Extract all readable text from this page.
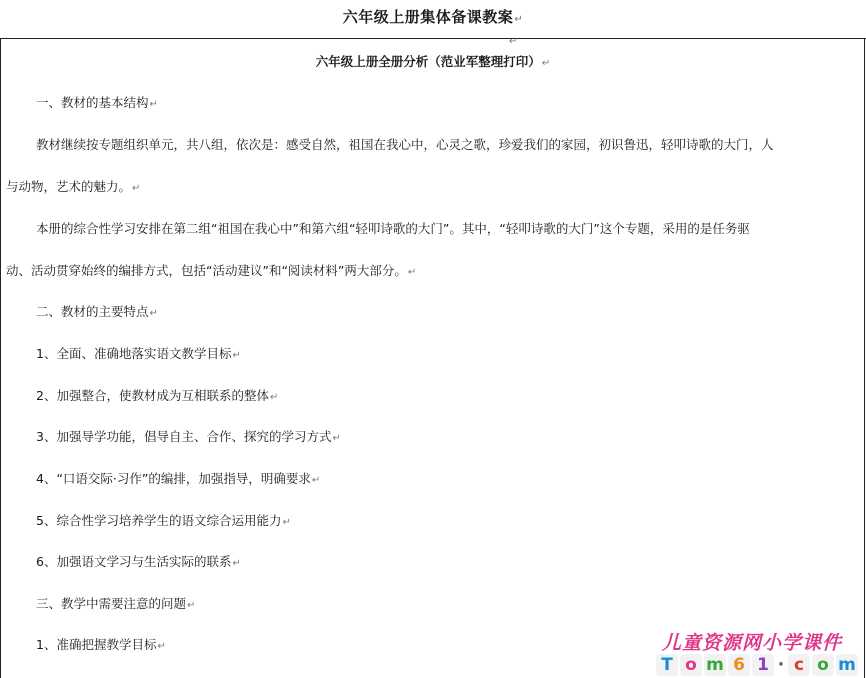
六年级上册集体备课教案↵
↵
六年级上册全册分析（范业军整理打印）↵
一、教材的基本结构↵
教材继续按专题组织单元，共八组，依次是：感受自然，祖国在我心中，心灵之歌，珍爱我们的家园，初识鲁迅，轻叩诗歌的大门，人
与动物，艺术的魅力。↵
本册的综合性学习安排在第二组“祖国在我心中”和第六组“轻叩诗歌的大门”。其中，“轻叩诗歌的大门”这个专题，采用的是任务驱
动、活动贯穿始终的编排方式，包括“活动建议”和“阅读材料”两大部分。↵
二、教材的主要特点↵
1、全面、准确地落实语文教学目标↵
2、加强整合，使教材成为互相联系的整体↵
3、加强导学功能，倡导自主、合作、探究的学习方式↵
4、“口语交际·习作”的编排，加强指导，明确要求↵
5、综合性学习培养学生的语文综合运用能力↵
6、加强语文学习与生活实际的联系↵
三、教学中需要注意的问题↵
1、准确把握教学目标↵	儿童资源网小学课件
T o m 6 1 · c o m
